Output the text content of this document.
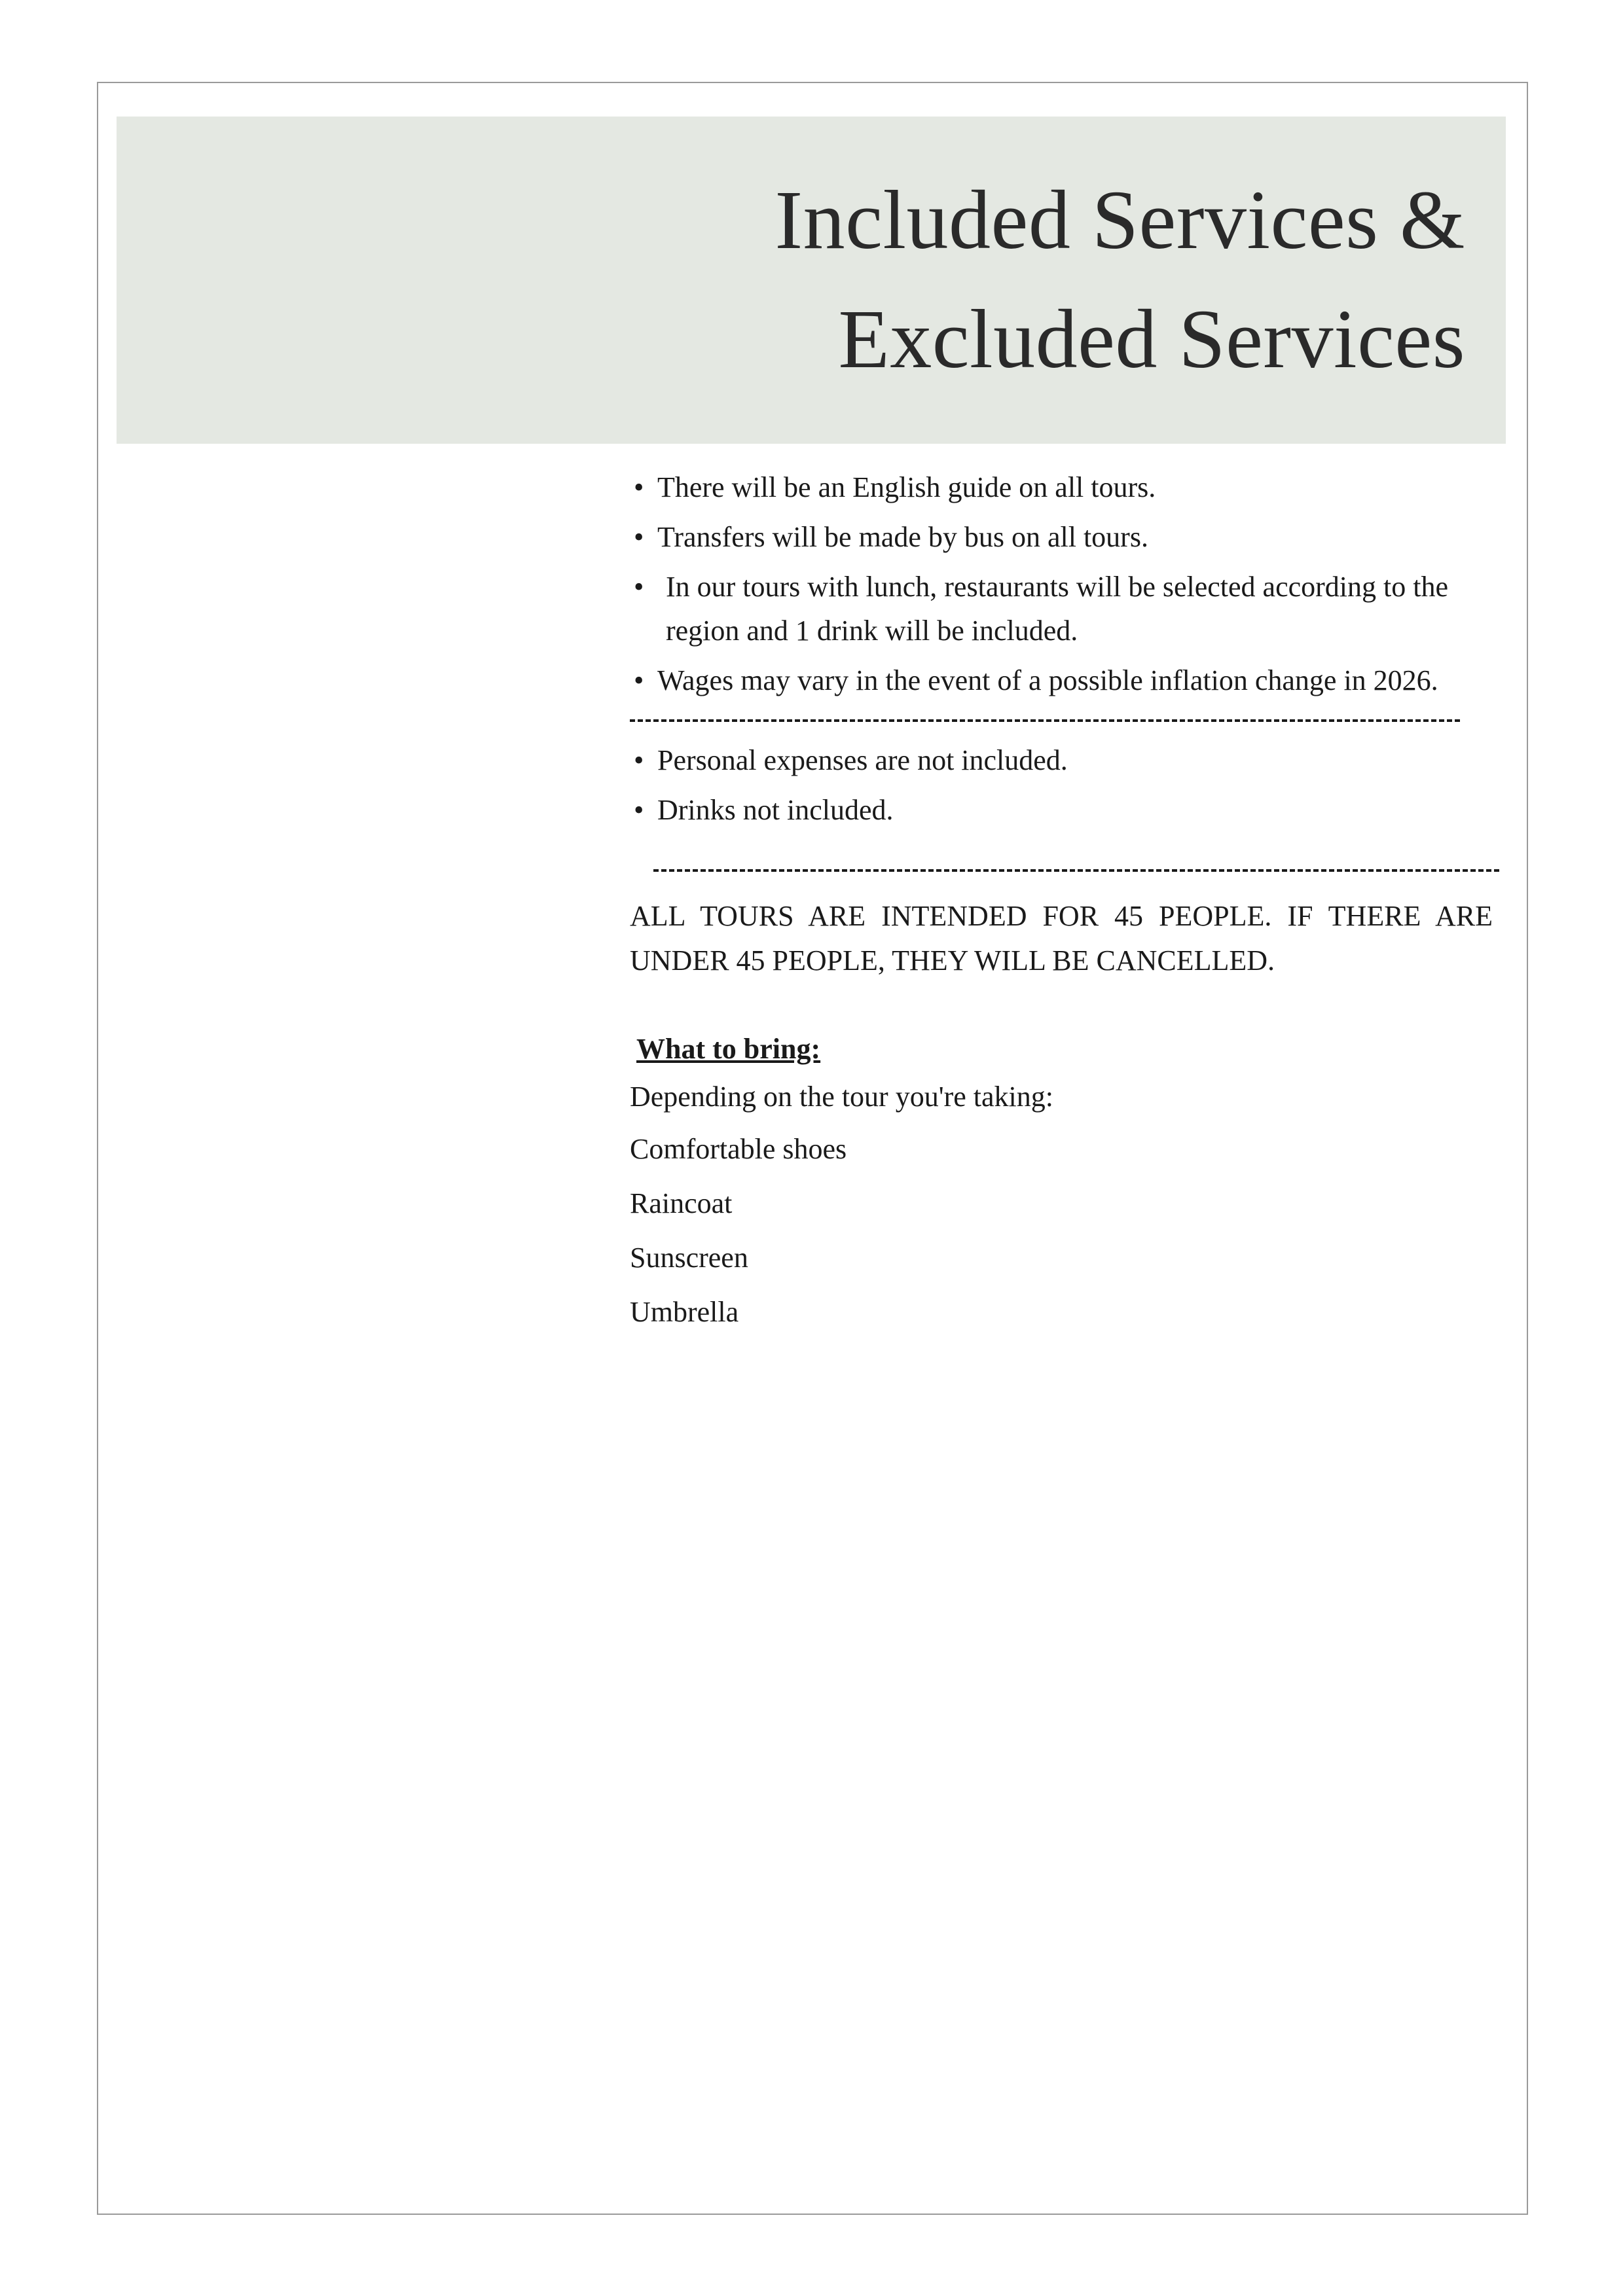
Included Services &
Excluded Services
• There will be an English guide on all tours.
• Transfers will be made by bus on all tours.
• In our tours with lunch, restaurants will be selected according to the region and 1 drink will be included.
• Wages may vary in the event of a possible inflation change in 2026.
• Personal expenses are not included.
• Drinks not included.
ALL TOURS ARE INTENDED FOR 45 PEOPLE. IF THERE ARE UNDER 45 PEOPLE, THEY WILL BE CANCELLED.
What to bring:
Depending on the tour you're taking:
Comfortable shoes
Raincoat
Sunscreen
Umbrella
